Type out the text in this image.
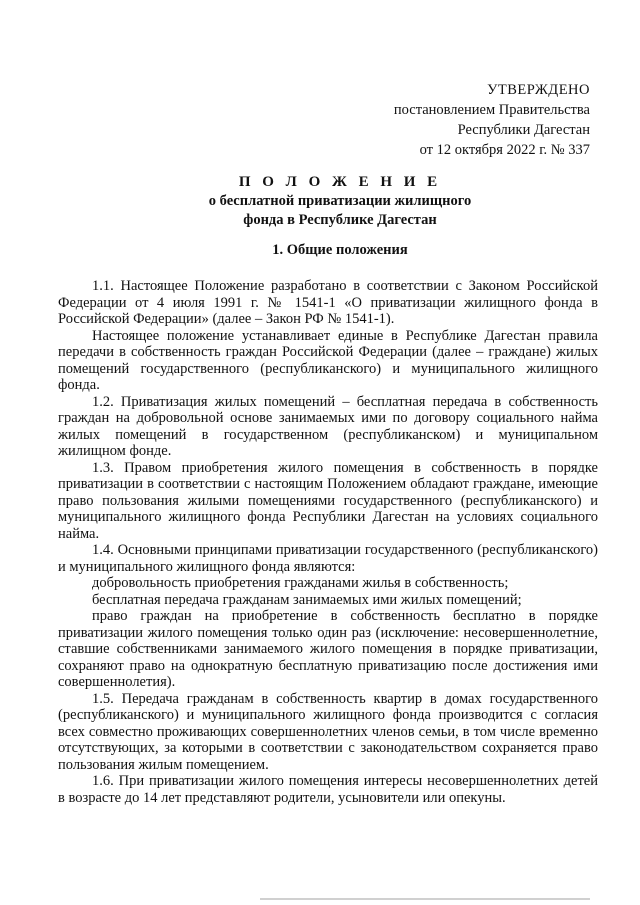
УТВЕРЖДЕНО
постановлением Правительства
Республики Дагестан
от 12 октября 2022 г. № 337
П О Л О Ж Е Н И Е
о бесплатной приватизации жилищного
фонда в Республике Дагестан
1. Общие положения

1.1. Настоящее Положение разработано в соответствии с Законом Российской Федерации от 4 июля 1991 г. № 1541-1 «О приватизации жилищного фонда в Российской Федерации» (далее – Закон РФ № 1541-1).

Настоящее положение устанавливает единые в Республике Дагестан правила передачи в собственность граждан Российской Федерации (далее – граждане) жилых помещений государственного (республиканского) и муниципального жилищного фонда.

1.2. Приватизация жилых помещений – бесплатная передача в собственность граждан на добровольной основе занимаемых ими по договору социального найма жилых помещений в государственном (республиканском) и муниципальном жилищном фонде.

1.3. Правом приобретения жилого помещения в собственность в порядке приватизации в соответствии с настоящим Положением обладают граждане, имеющие право пользования жилыми помещениями государственного (республиканского) и муниципального жилищного фонда Республики Дагестан на условиях социального найма.

1.4. Основными принципами приватизации государственного (республиканского) и муниципального жилищного фонда являются:

добровольность приобретения гражданами жилья в собственность;

бесплатная передача гражданам занимаемых ими жилых помещений;

право граждан на приобретение в собственность бесплатно в порядке приватизации жилого помещения только один раз (исключение: несовершеннолетние, ставшие собственниками занимаемого жилого помещения в порядке приватизации, сохраняют право на однократную бесплатную приватизацию после достижения ими совершеннолетия).

1.5. Передача гражданам в собственность квартир в домах государственного (республиканского) и муниципального жилищного фонда производится с согласия всех совместно проживающих совершеннолетних членов семьи, в том числе временно отсутствующих, за которыми в соответствии с законодательством сохраняется право пользования жилым помещением.

1.6. При приватизации жилого помещения интересы несовершеннолетних детей в возрасте до 14 лет представляют родители, усыновители или опекуны.
